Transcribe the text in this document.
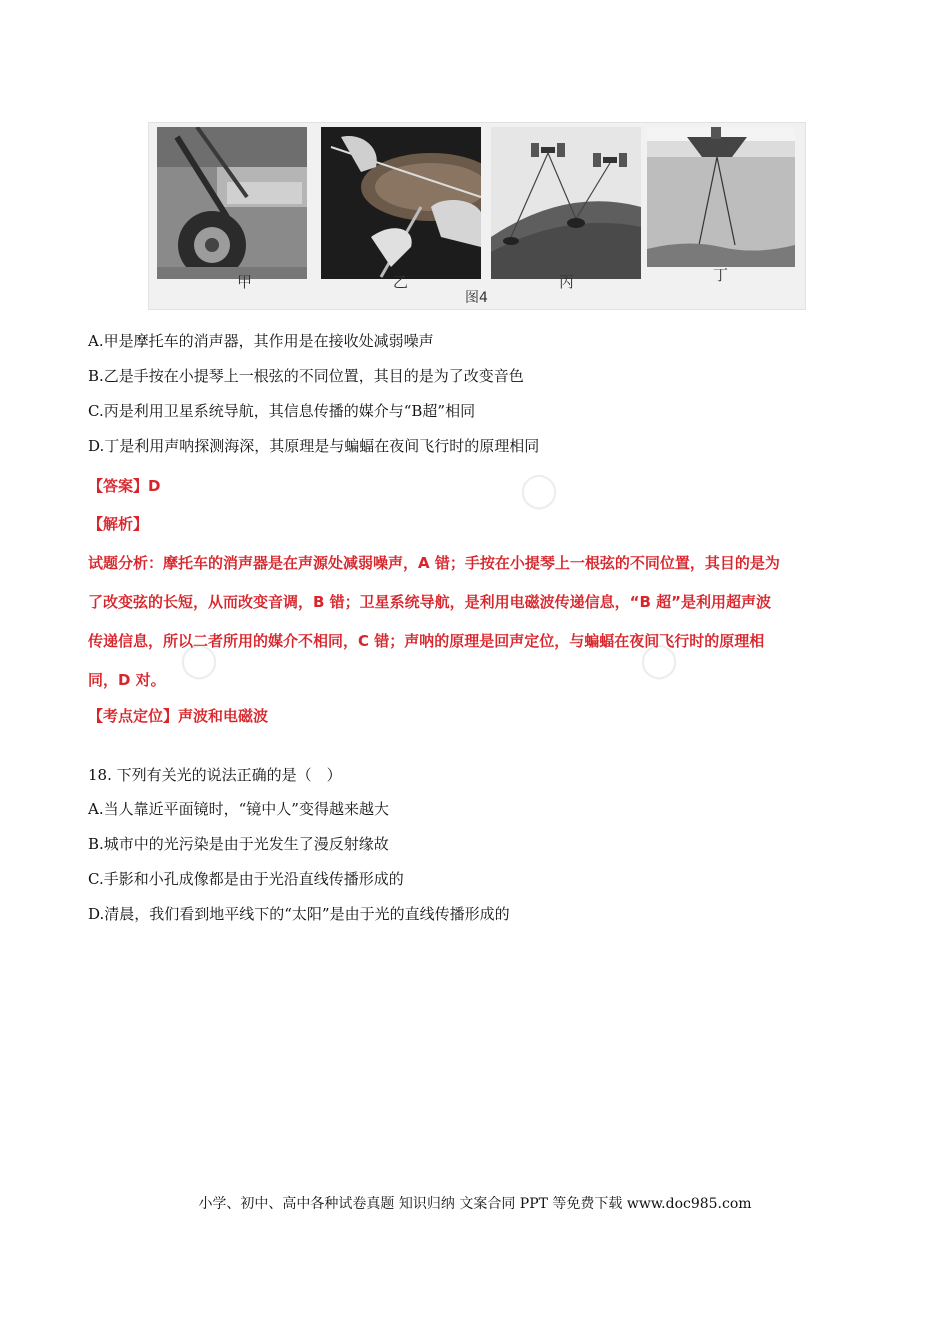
甲	乙	丙	丁
图4
A.甲是摩托车的消声器，其作用是在接收处减弱噪声
B.乙是手按在小提琴上一根弦的不同位置，其目的是为了改变音色
C.丙是利用卫星系统导航，其信息传播的媒介与“B超”相同
D.丁是利用声呐探测海深，其原理是与蝙蝠在夜间飞行时的原理相同
◯
◯	◯
【答案】D
【解析】
试题分析：摩托车的消声器是在声源处减弱噪声，A 错；手按在小提琴上一根弦的不同位置，其目的是为
了改变弦的长短，从而改变音调，B 错；卫星系统导航，是利用电磁波传递信息，“B 超”是利用超声波
传递信息，所以二者所用的媒介不相同，C 错；声呐的原理是回声定位，与蝙蝠在夜间飞行时的原理相
同，D 对。
【考点定位】声波和电磁波
18. 下列有关光的说法正确的是（　）
A.当人靠近平面镜时，“镜中人”变得越来越大
B.城市中的光污染是由于光发生了漫反射缘故
C.手影和小孔成像都是由于光沿直线传播形成的
D.清晨，我们看到地平线下的“太阳”是由于光的直线传播形成的
小学、初中、高中各种试卷真题 知识归纳 文案合同 PPT 等免费下载 www.doc985.com
